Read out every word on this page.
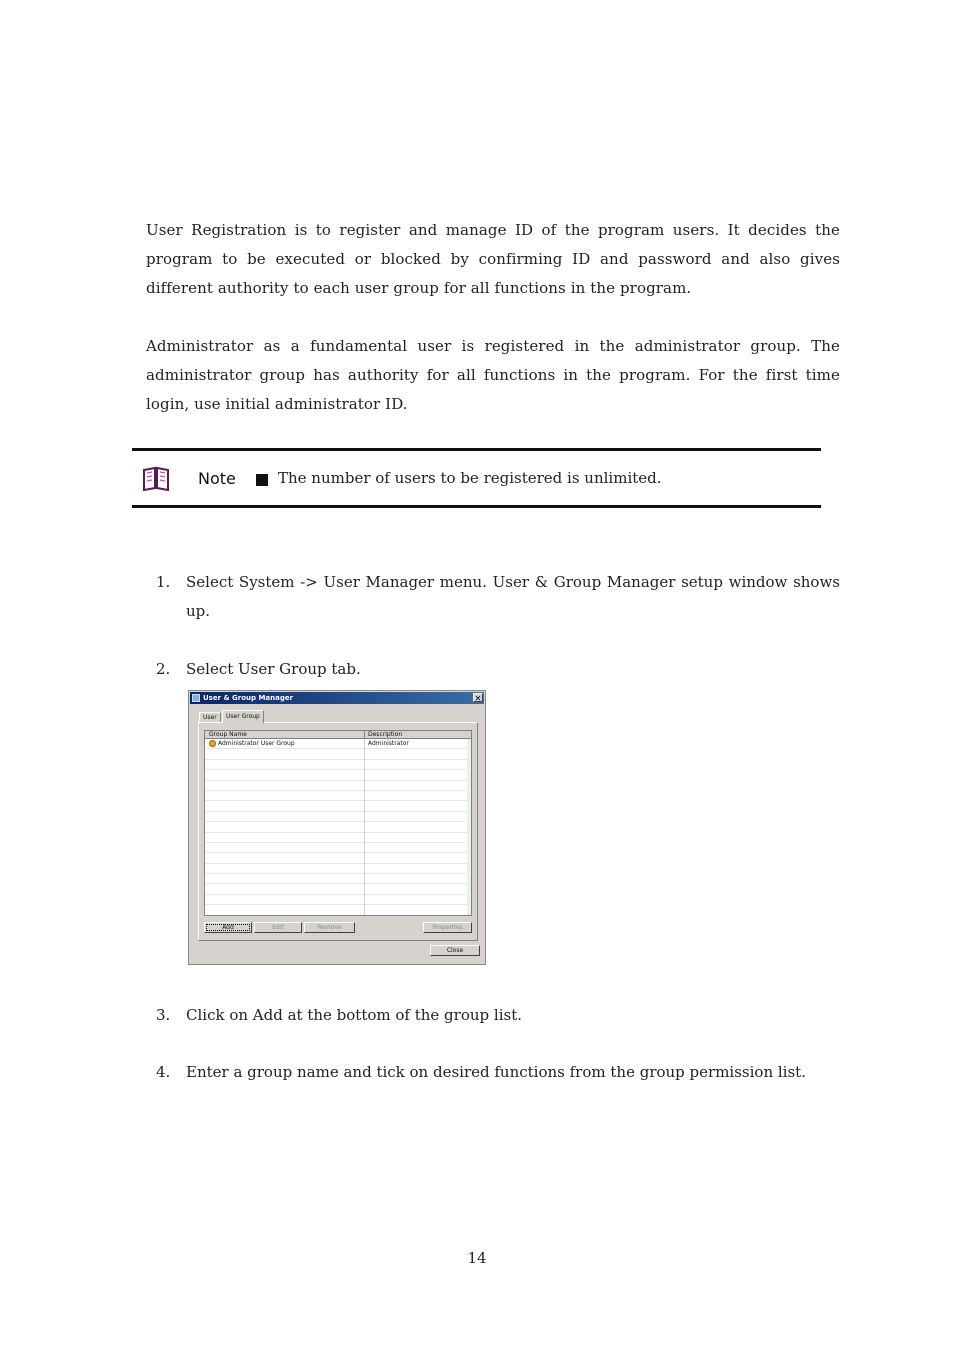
User Registration is to register and manage ID of the program users. It decides the program to be executed or blocked by confirming ID and password and also gives different authority to each user group for all functions in the program.
Administrator as a fundamental user is registered in the administrator group. The administrator group has authority for all functions in the program. For the first time login, use initial administrator ID.
Note	The number of users to be registered is unlimited.
1.	Select System -> User Manager menu. User & Group Manager setup window shows up.
2.	Select User Group tab.
User & Group Manager	✕
User	User Group
Group Name	Description
Administrator User Group	Administrator
Add	Edit	Remove	Properties
Close
3.	Click on Add at the bottom of the group list.
4.	Enter a group name and tick on desired functions from the group permission list.
14
